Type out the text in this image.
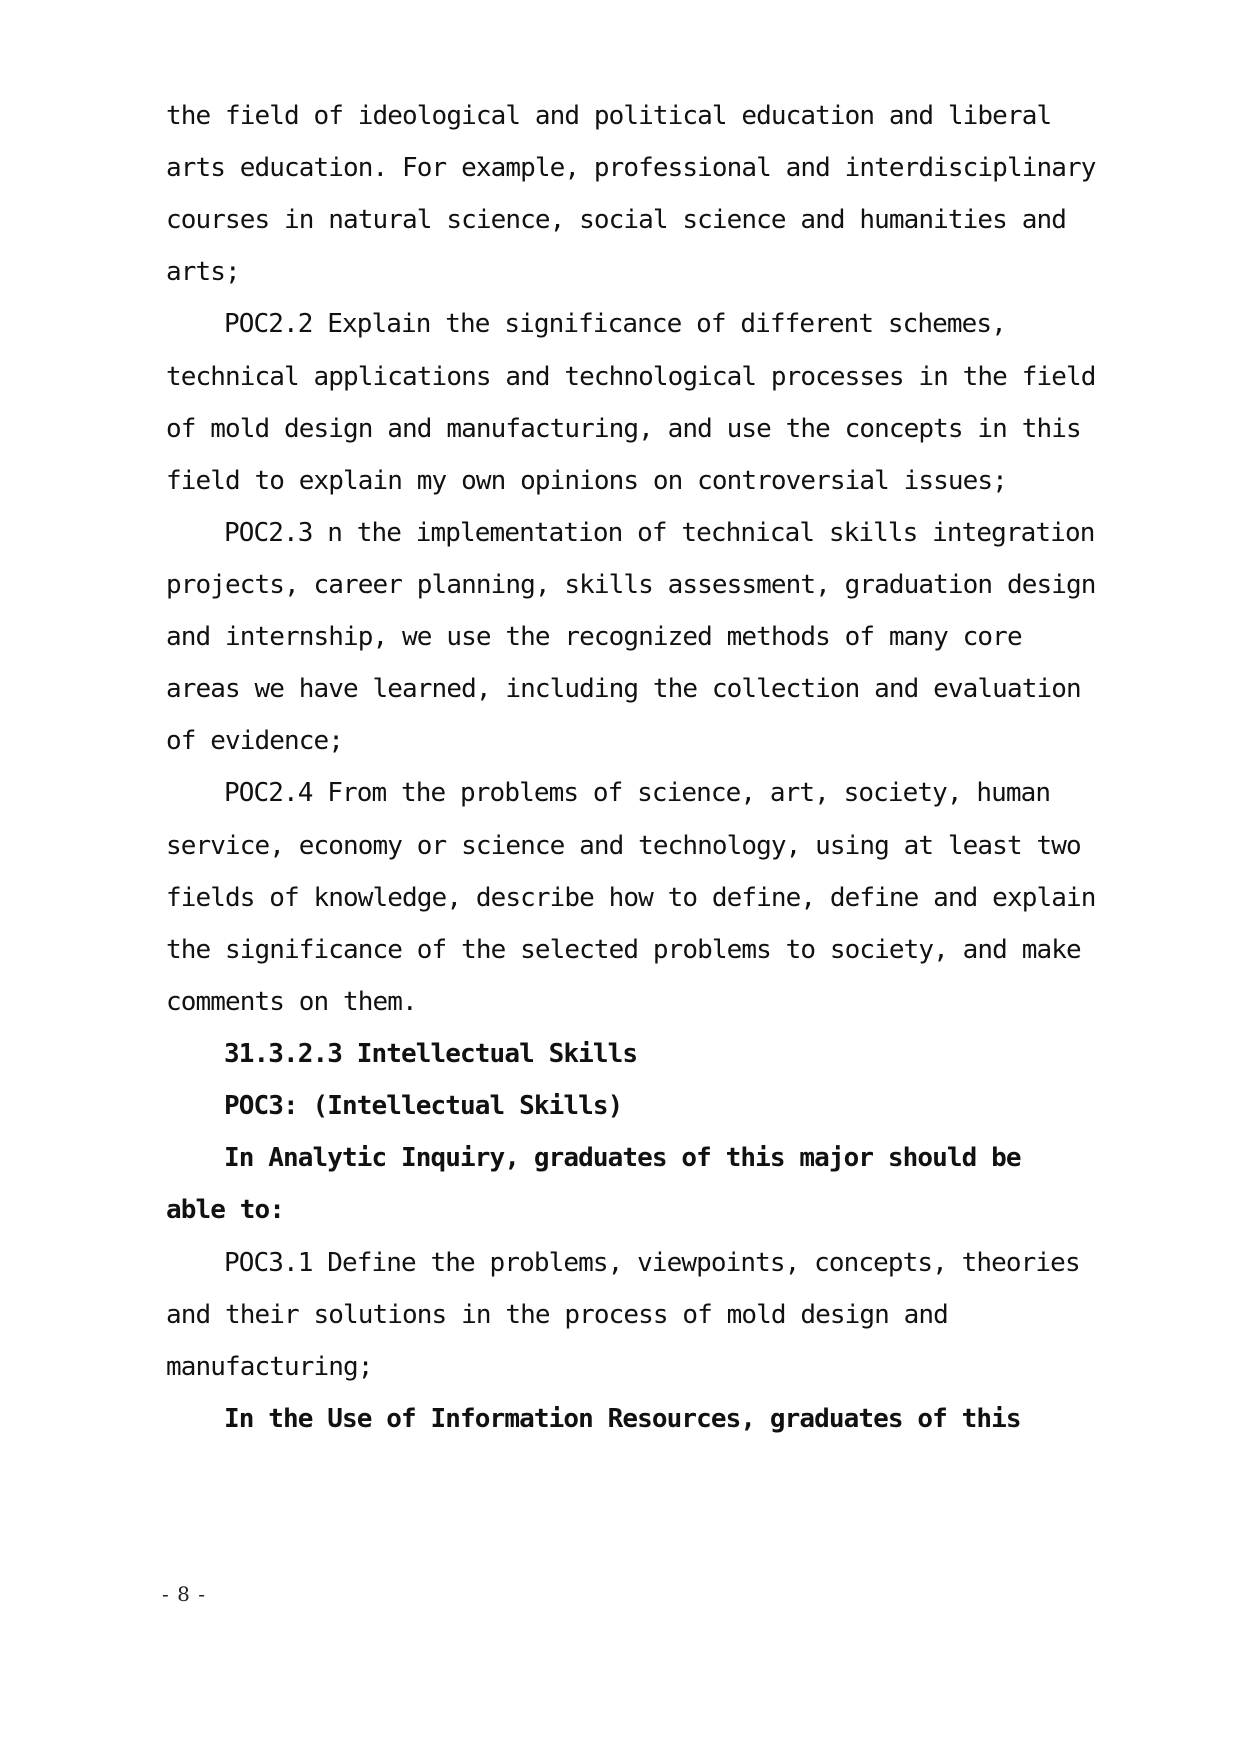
the field of ideological and political education and liberal
arts education. For example, professional and interdisciplinary
courses in natural science, social science and humanities and
arts;
POC2.2 Explain the significance of different schemes,
technical applications and technological processes in the field
of mold design and manufacturing, and use the concepts in this
field to explain my own opinions on controversial issues;
POC2.3 n the implementation of technical skills integration
projects, career planning, skills assessment, graduation design
and internship, we use the recognized methods of many core
areas we have learned, including the collection and evaluation
of evidence;
POC2.4 From the problems of science, art, society, human
service, economy or science and technology, using at least two
fields of knowledge, describe how to define, define and explain
the significance of the selected problems to society, and make
comments on them.
31.3.2.3 Intellectual Skills
POC3: (Intellectual Skills)
In Analytic Inquiry, graduates of this major should be
able to:
POC3.1 Define the problems, viewpoints, concepts, theories
and their solutions in the process of mold design and
manufacturing;
In the Use of Information Resources, graduates of this
- 8 -
